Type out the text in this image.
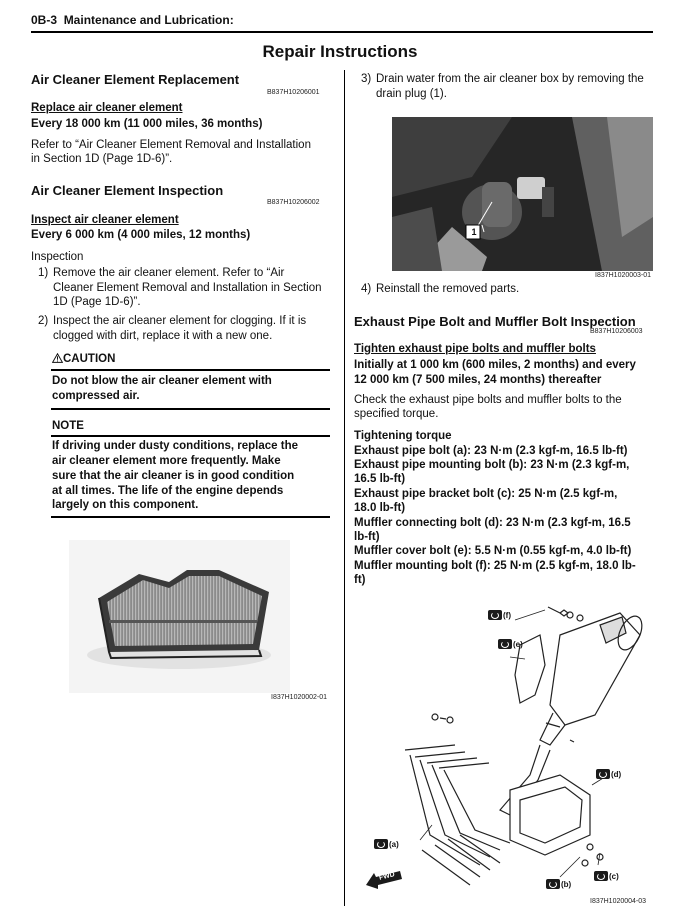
0B-3 Maintenance and Lubrication:
Repair Instructions
Air Cleaner Element Replacement
B837H10206001
Replace air cleaner element
Every 18 000 km (11 000 miles, 36 months)
Refer to “Air Cleaner Element Removal and Installation
in Section 1D (Page 1D-6)”.
Air Cleaner Element Inspection
B837H10206002
Inspect air cleaner element
Every 6 000 km (4 000 miles, 12 months)
Inspection
1) Remove the air cleaner element. Refer to “Air
Cleaner Element Removal and Installation in Section
1D (Page 1D-6)”.
2) Inspect the air cleaner element for clogging. If it is
clogged with dirt, replace it with a new one.
CAUTION
Do not blow the air cleaner element with
compressed air.
NOTE
If driving under dusty conditions, replace the
air cleaner element more frequently. Make
sure that the air cleaner is in good condition
at all times. The life of the engine depends
largely on this component.
I837H1020002-01
3) Drain water from the air cleaner box by removing the
drain plug (1).
1
I837H1020003-01
4) Reinstall the removed parts.
Exhaust Pipe Bolt and Muffler Bolt Inspection
B837H10206003
Tighten exhaust pipe bolts and muffler bolts
Initially at 1 000 km (600 miles, 2 months) and every
12 000 km (7 500 miles, 24 months) thereafter
Check the exhaust pipe bolts and muffler bolts to the
specified torque.
Tightening torque
Exhaust pipe bolt (a): 23 N·m (2.3 kgf-m, 16.5 lb-ft)
Exhaust pipe mounting bolt (b): 23 N·m (2.3 kgf-m,
16.5 lb-ft)
Exhaust pipe bracket bolt (c): 25 N·m (2.5 kgf-m,
18.0 lb-ft)
Muffler connecting bolt (d): 23 N·m (2.3 kgf-m, 16.5
lb-ft)
Muffler cover bolt (e): 5.5 N·m (0.55 kgf-m, 4.0 lb-ft)
Muffler mounting bolt (f): 25 N·m (2.5 kgf-m, 18.0 lb-
ft)
(f)
(e)
(d)
(a)
(b)
(c)
FWD
I837H1020004-03
